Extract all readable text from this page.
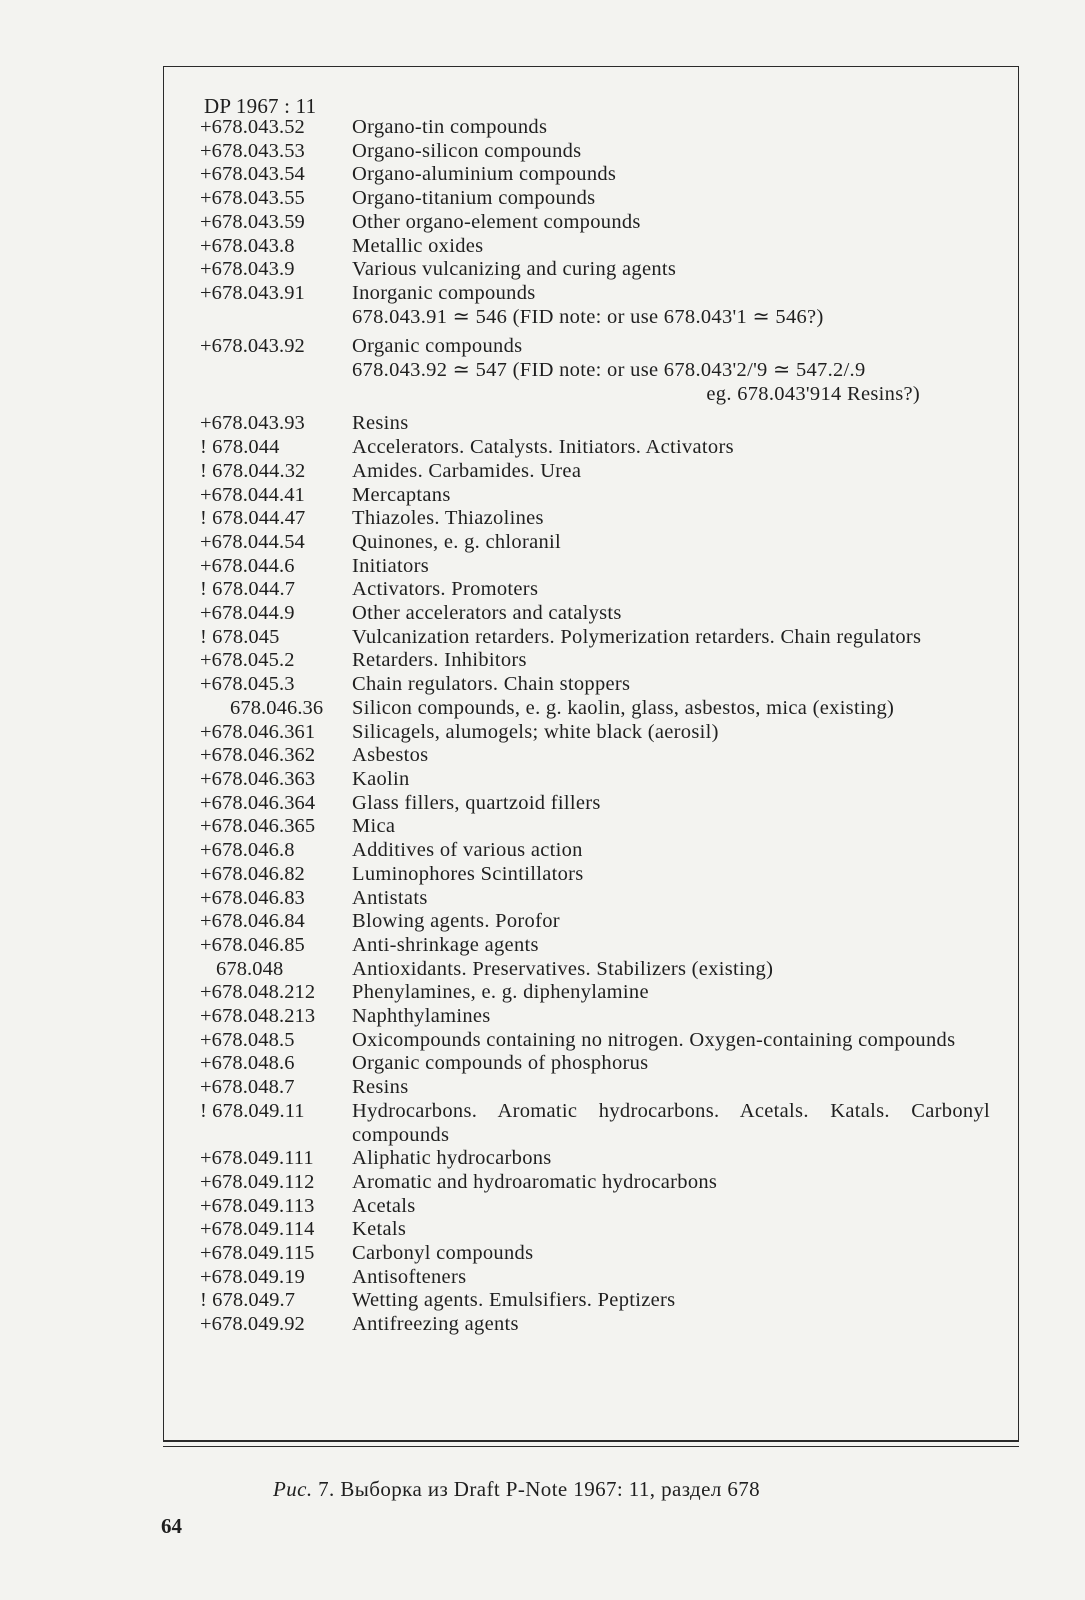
DP 1967 : 11
+678.043.52	Organo-tin compounds
+678.043.53	Organo-silicon compounds
+678.043.54	Organo-aluminium compounds
+678.043.55	Organo-titanium compounds
+678.043.59	Other organo-element compounds
+678.043.8	Metallic oxides
+678.043.9	Various vulcanizing and curing agents
+678.043.91	Inorganic compounds
678.043.91 ≃ 546 (FID note: or use 678.043'1 ≃ 546?)
+678.043.92	Organic compounds
678.043.92 ≃ 547 (FID note: or use 678.043'2/'9 ≃ 547.2/.9
eg. 678.043'914 Resins?)
+678.043.93	Resins
! 678.044	Accelerators. Catalysts. Initiators. Activators
! 678.044.32	Amides. Carbamides. Urea
+678.044.41	Mercaptans
! 678.044.47	Thiazoles. Thiazolines
+678.044.54	Quinones, e. g. chloranil
+678.044.6	Initiators
! 678.044.7	Activators. Promoters
+678.044.9	Other accelerators and catalysts
! 678.045	Vulcanization retarders. Polymerization retarders. Chain regulators
+678.045.2	Retarders. Inhibitors
+678.045.3	Chain regulators. Chain stoppers
678.046.36	Silicon compounds, e. g. kaolin, glass, asbestos, mica (existing)
+678.046.361	Silicagels, alumogels; white black (aerosil)
+678.046.362	Asbestos
+678.046.363	Kaolin
+678.046.364	Glass fillers, quartzoid fillers
+678.046.365	Mica
+678.046.8	Additives of various action
+678.046.82	Luminophores Scintillators
+678.046.83	Antistats
+678.046.84	Blowing agents. Porofor
+678.046.85	Anti-shrinkage agents
678.048	Antioxidants. Preservatives. Stabilizers (existing)
+678.048.212	Phenylamines, e. g. diphenylamine
+678.048.213	Naphthylamines
+678.048.5	Oxicompounds containing no nitrogen. Oxygen-containing compounds
+678.048.6	Organic compounds of phosphorus
+678.048.7	Resins
! 678.049.11	Hydrocarbons. Aromatic hydrocarbons. Acetals. Katals. Carbonyl compounds
+678.049.111	Aliphatic hydrocarbons
+678.049.112	Aromatic and hydroaromatic hydrocarbons
+678.049.113	Acetals
+678.049.114	Ketals
+678.049.115	Carbonyl compounds
+678.049.19	Antisofteners
! 678.049.7	Wetting agents. Emulsifiers. Peptizers
+678.049.92	Antifreezing agents
Рис. 7. Выборка из Draft P-Note 1967: 11, раздел 678
64
